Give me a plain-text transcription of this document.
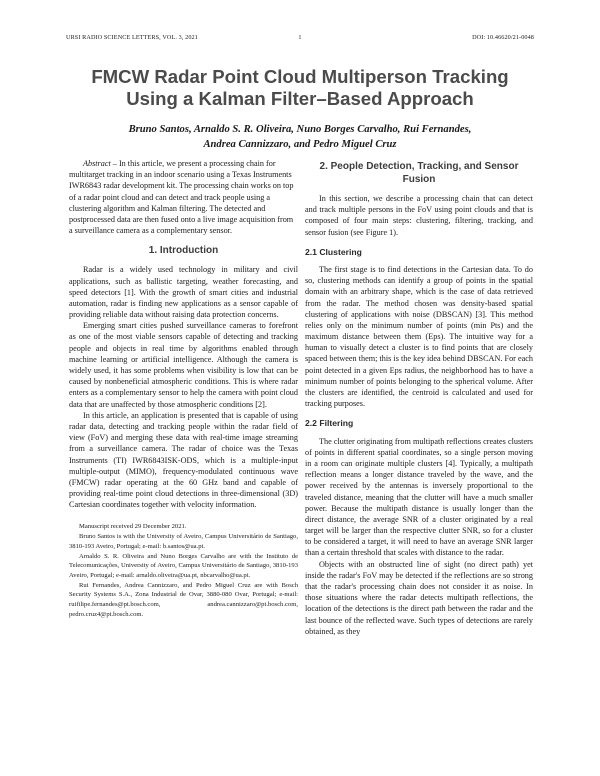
URSI RADIO SCIENCE LETTERS, VOL. 3, 2021	1	DOI: 10.46620/21-0048
FMCW Radar Point Cloud Multiperson Tracking
Using a Kalman Filter–Based Approach
Bruno Santos, Arnaldo S. R. Oliveira, Nuno Borges Carvalho, Rui Fernandes,
Andrea Cannizzaro, and Pedro Miguel Cruz

Abstract – In this article, we present a processing chain for multitarget tracking in an indoor scenario using a Texas Instruments IWR6843 radar development kit. The processing chain works on top of a radar point cloud and can detect and track people using a clustering algorithm and Kalman filtering. The detected and postprocessed data are then fused onto a live image acquisition from a surveillance camera as a complementary sensor.

1. Introduction

Radar is a widely used technology in military and civil applications, such as ballistic targeting, weather forecasting, and speed detectors [1]. With the growth of smart cities and industrial automation, radar is finding new applications as a sensor capable of providing reliable data without raising data protection concerns.

Emerging smart cities pushed surveillance cameras to forefront as one of the most viable sensors capable of detecting and tracking people and objects in real time by algorithms enabled through machine learning or artificial intelligence. Although the camera is widely used, it has some problems when visibility is low that can be caused by nonbeneficial atmospheric conditions. This is where radar enters as a complementary sensor to help the camera with point cloud data that are unaffected by those atmospheric conditions [2].

In this article, an application is presented that is capable of using radar data, detecting and tracking people within the radar field of view (FoV) and merging these data with real-time image streaming from a surveillance camera. The radar of choice was the Texas Instruments (TI) IWR6843ISK-ODS, which is a multiple-input multiple-output (MIMO), frequency-modulated continuous wave (FMCW) radar operating at the 60 GHz band and capable of providing real-time point cloud detections in three-dimensional (3D) Cartesian coordinates together with velocity information.

Manuscript received 29 December 2021.

Bruno Santos is with the University of Aveiro, Campus Universitário de Santiago, 3810-193 Aveiro, Portugal; e-mail: b.santos@ua.pt.

Arnaldo S. R. Oliveira and Nuno Borges Carvalho are with the Instituto de Telecomunicações, University of Aveiro, Campus Universitário de Santiago, 3810-193 Aveiro, Portugal; e-mail: arnaldo.oliveira@ua.pt, nbcarvalho@ua.pt.

Rui Fernandes, Andrea Cannizzaro, and Pedro Miguel Cruz are with Bosch Security Systems S.A., Zona Industrial de Ovar, 3880-080 Ovar, Portugal; e-mail: ruifilipe.fernandes@pt.bosch.com, andrea.cannizzaro@pt.bosch.com, pedro.cruz4@pt.bosch.com.

2. People Detection, Tracking, and Sensor Fusion

In this section, we describe a processing chain that can detect and track multiple persons in the FoV using point clouds and that is composed of four main steps: clustering, filtering, tracking, and sensor fusion (see Figure 1).

2.1 Clustering

The first stage is to find detections in the Cartesian data. To do so, clustering methods can identify a group of points in the spatial domain with an arbitrary shape, which is the case of data retrieved from the radar. The method chosen was density-based spatial clustering of applications with noise (DBSCAN) [3]. This method relies only on the minimum number of points (min Pts) and the maximum distance between them (Eps). The intuitive way for a human to visually detect a cluster is to find points that are closely spaced between them; this is the key idea behind DBSCAN. For each point detected in a given Eps radius, the neighborhood has to have a minimum number of points belonging to the spherical volume. After the clusters are identified, the centroid is calculated and used for tracking purposes.

2.2 Filtering

The clutter originating from multipath reflections creates clusters of points in different spatial coordinates, so a single person moving in a room can originate multiple clusters [4]. Typically, a multipath reflection means a longer distance traveled by the wave, and the power received by the antennas is inversely proportional to the traveled distance, meaning that the clutter will have a much smaller power. Because the multipath distance is usually longer than the direct distance, the average SNR of a cluster originated by a real target will be larger than the respective clutter SNR, so for a cluster to be considered a target, it will need to have an average SNR larger than a certain threshold that scales with distance to the radar.

Objects with an obstructed line of sight (no direct path) yet inside the radar's FoV may be detected if the reflections are so strong that the radar's processing chain does not consider it as noise. In those situations where the radar detects multipath reflections, the location of the detections is the direct path between the radar and the last bounce of the reflected wave. Such types of detections are rarely obtained, as they
